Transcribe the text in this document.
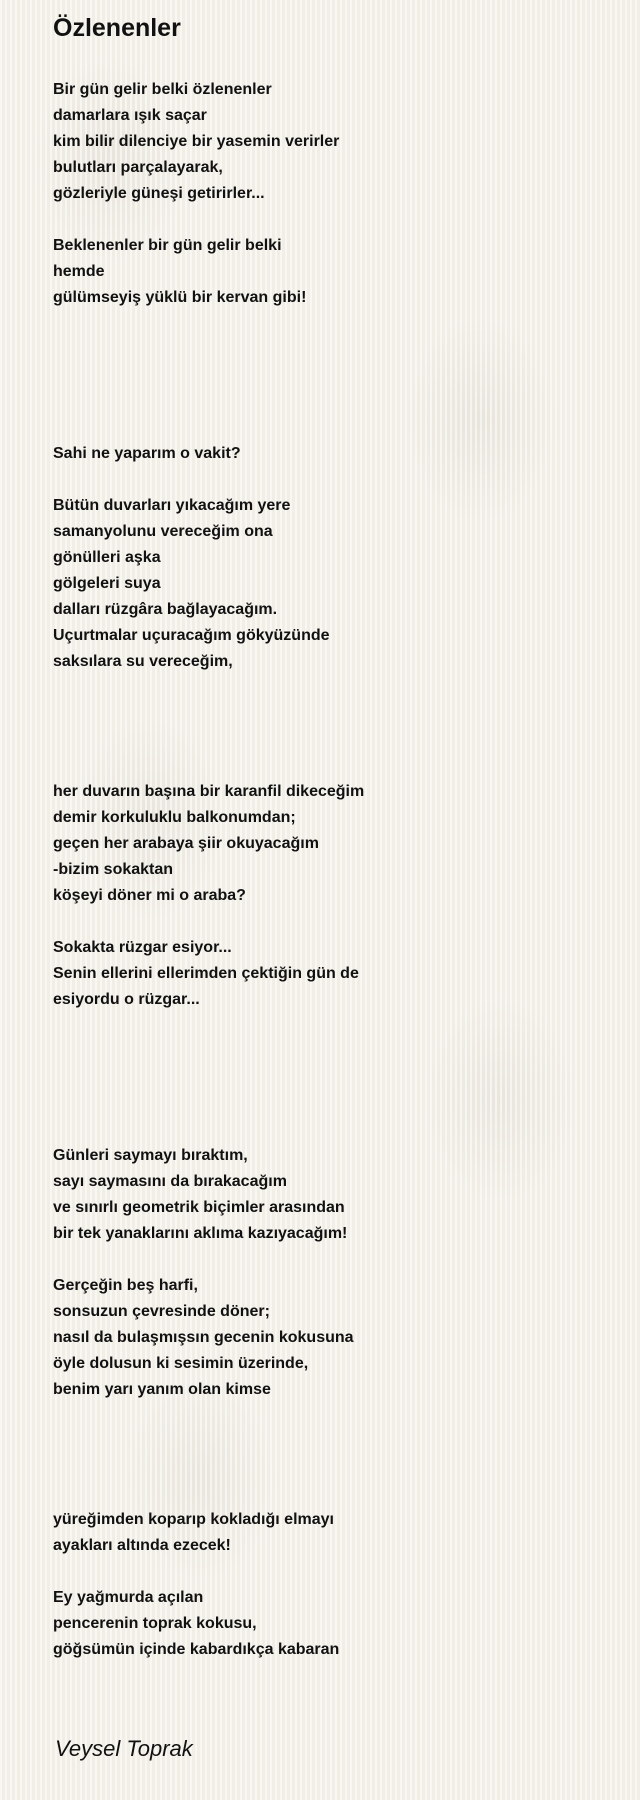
Özlenenler
Bir gün gelir belki özlenenler
damarlara ışık saçar
kim bilir dilenciye bir yasemin verirler
bulutları parçalayarak,
gözleriyle güneşi getirirler...
Beklenenler bir gün gelir belki
hemde
gülümseyiş yüklü bir kervan gibi!
Sahi ne yaparım o vakit?
Bütün duvarları yıkacağım yere
samanyolunu vereceğim ona
gönülleri aşka
gölgeleri suya
dalları rüzgâra bağlayacağım.
Uçurtmalar uçuracağım gökyüzünde
saksılara su vereceğim,
her duvarın başına bir karanfil dikeceğim
demir korkuluklu balkonumdan;
geçen her arabaya şiir okuyacağım
-bizim sokaktan
köşeyi döner mi o araba?
Sokakta rüzgar esiyor...
Senin ellerini ellerimden çektiğin gün de
esiyordu o rüzgar...
Günleri saymayı bıraktım,
sayı saymasını da bırakacağım
ve sınırlı geometrik biçimler arasından
bir tek yanaklarını aklıma kazıyacağım!
Gerçeğin beş harfi,
sonsuzun çevresinde döner;
nasıl da bulaşmışsın gecenin kokusuna
öyle dolusun ki sesimin üzerinde,
benim yarı yanım olan kimse
yüreğimden koparıp kokladığı elmayı
ayakları altında ezecek!
Ey yağmurda açılan
pencerenin toprak kokusu,
göğsümün içinde kabardıkça kabaran
Veysel Toprak
